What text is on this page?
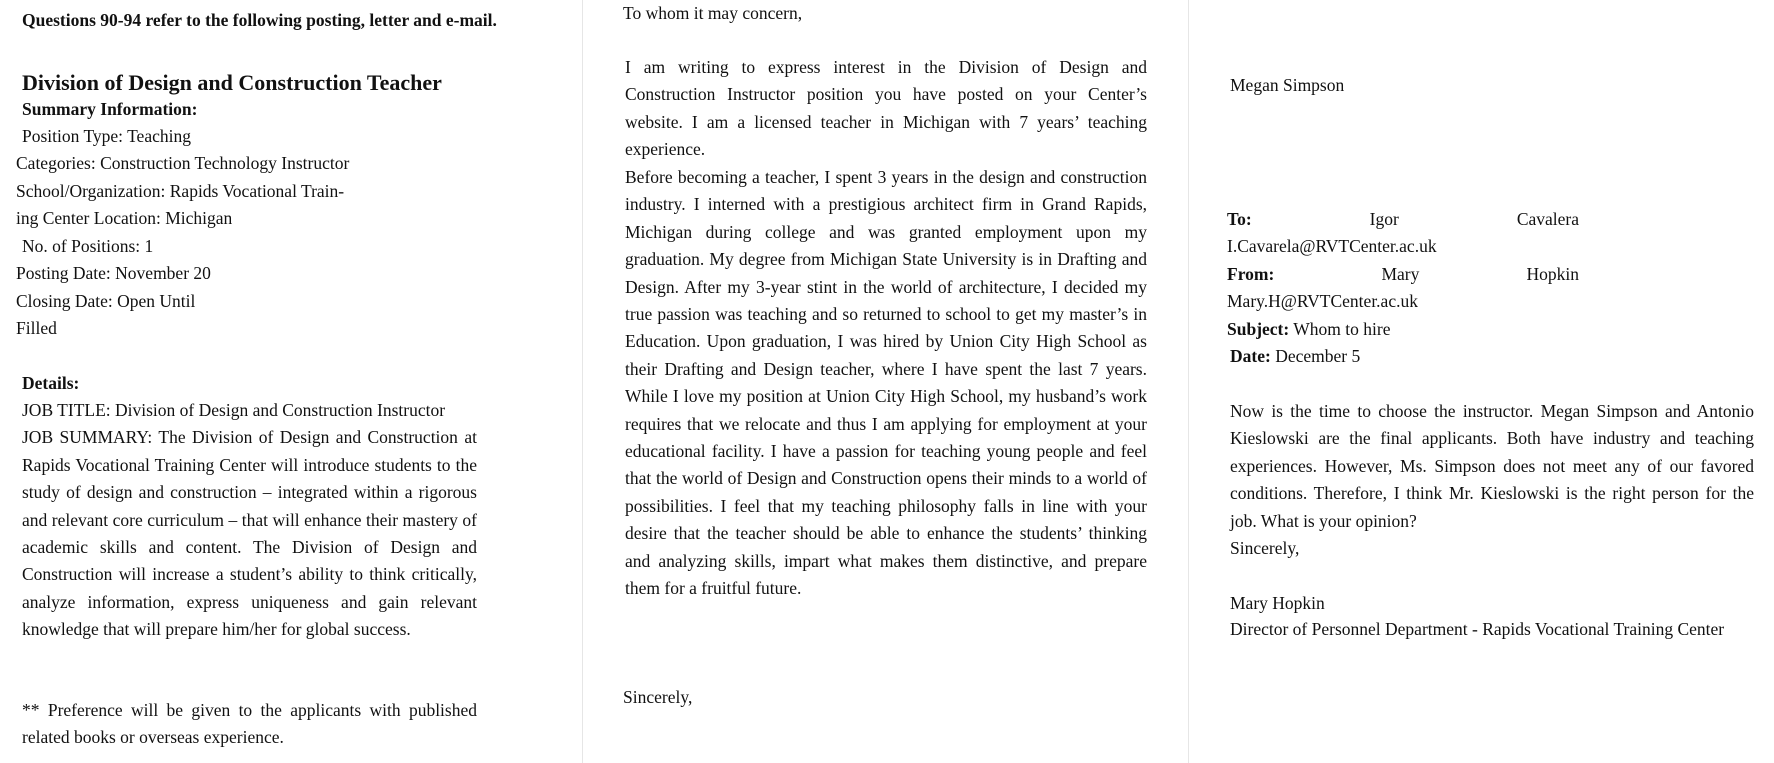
Questions 90-94 refer to the following posting, letter and e-mail.
Division of Design and Construction Teacher
Summary Information:
Position Type: Teaching
Categories: Construction Technology Instructor
School/Organization: Rapids Vocational Train-
ing Center Location: Michigan
No. of Positions: 1
Posting Date: November 20
Closing Date: Open Until
Filled
Details:
JOB TITLE: Division of Design and Construction Instructor
JOB SUMMARY: The Division of Design and Construction at Rapids Vocational Training Center will introduce students to the study of design and construction – integrated within a rigorous and relevant core curriculum – that will enhance their mastery of academic skills and content. The Division of Design and Construction will increase a student’s ability to think critically, analyze information, express uniqueness and gain relevant knowledge that will prepare him/her for global success.
** Preference will be given to the applicants with published related books or overseas experience.
To whom it may concern,
I am writing to express interest in the Division of Design and Construction Instructor position you have posted on your Center’s website. I am a licensed teacher in Michigan with 7 years’ teaching experience.
Before becoming a teacher, I spent 3 years in the design and construction industry. I interned with a prestigious architect firm in Grand Rapids, Michigan during college and was granted employment upon my graduation. My degree from Michigan State University is in Drafting and Design. After my 3-year stint in the world of architecture, I decided my true passion was teaching and so returned to school to get my master’s in Education. Upon graduation, I was hired by Union City High School as their Drafting and Design teacher, where I have spent the last 7 years. While I love my position at Union City High School, my husband’s work requires that we relocate and thus I am applying for employment at your educational facility. I have a passion for teaching young people and feel that the world of Design and Construction opens their minds to a world of possibilities. I feel that my teaching philosophy falls in line with your desire that the teacher should be able to enhance the students’ thinking and analyzing skills, impart what makes them distinctive, and prepare them for a fruitful future.
Sincerely,
Megan Simpson
To:	Igor	Cavalera
I.Cavarela@RVTCenter.ac.uk
From:	Mary	Hopkin
Mary.H@RVTCenter.ac.uk
Subject: Whom to hire
Date: December 5
Now is the time to choose the instructor. Megan Simpson and Antonio Kieslowski are the final applicants. Both have industry and teaching experiences. However, Ms. Simpson does not meet any of our favored conditions. Therefore, I think Mr. Kieslowski is the right person for the job. What is your opinion?
Sincerely,
Mary Hopkin
Director of Personnel Department - Rapids Vocational Training Center
